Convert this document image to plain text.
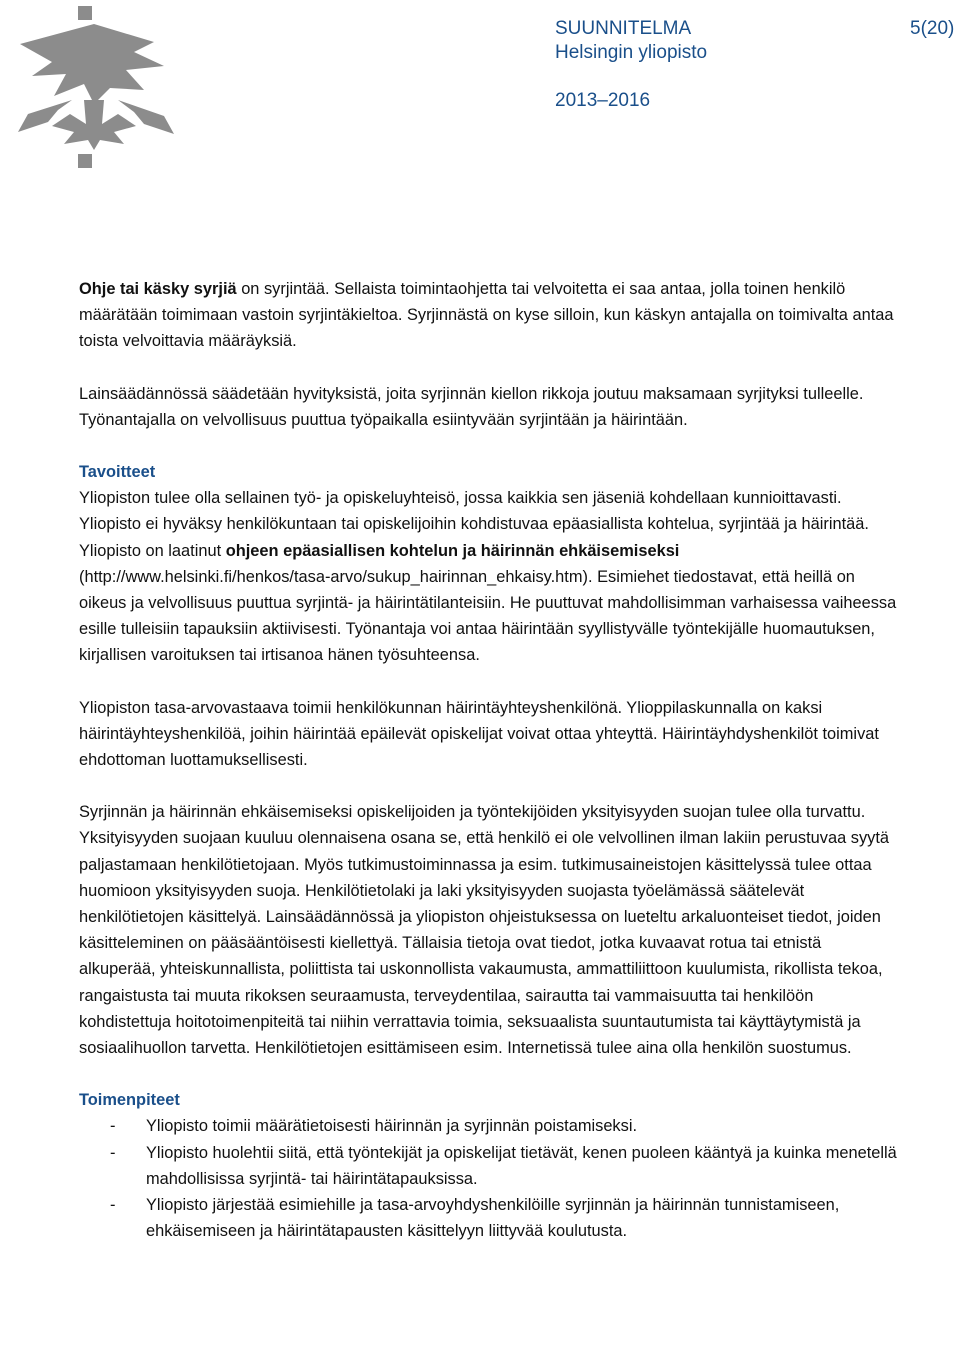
SUUNNITELMA	5(20)
Helsingin yliopisto
2013–2016

Ohje tai käsky syrjiä on syrjintää. Sellaista toimintaohjetta tai velvoitetta ei saa antaa, jolla toinen henkilö määrätään toimimaan vastoin syrjintäkieltoa. Syrjinnästä on kyse silloin, kun käskyn antajalla on toimivalta antaa toista velvoittavia määräyksiä.

Lainsäädännössä säädetään hyvityksistä, joita syrjinnän kiellon rikkoja joutuu maksamaan syrjityksi tulleelle. Työnantajalla on velvollisuus puuttua työpaikalla esiintyvään syrjintään ja häirintään.

Tavoitteet

Yliopiston tulee olla sellainen työ- ja opiskeluyhteisö, jossa kaikkia sen jäseniä kohdellaan kunnioittavasti. Yliopisto ei hyväksy henkilökuntaan tai opiskelijoihin kohdistuvaa epäasiallista kohtelua, syrjintää ja häirintää. Yliopisto on laatinut ohjeen epäasiallisen kohtelun ja häirinnän ehkäisemiseksi (http://www.helsinki.fi/henkos/tasa-arvo/sukup_hairinnan_ehkaisy.htm). Esimiehet tiedostavat, että heillä on oikeus ja velvollisuus puuttua syrjintä- ja häirintätilanteisiin. He puuttuvat mahdollisimman varhaisessa vaiheessa esille tulleisiin tapauksiin aktiivisesti. Työnantaja voi antaa häirintään syyllistyvälle työntekijälle huomautuksen, kirjallisen varoituksen tai irtisanoa hänen työsuhteensa.

Yliopiston tasa-arvovastaava toimii henkilökunnan häirintäyhteyshenkilönä. Ylioppilaskunnalla on kaksi häirintäyhteyshenkilöä, joihin häirintää epäilevät opiskelijat voivat ottaa yhteyttä. Häirintäyhdyshenkilöt toimivat ehdottoman luottamuksellisesti.

Syrjinnän ja häirinnän ehkäisemiseksi opiskelijoiden ja työntekijöiden yksityisyyden suojan tulee olla turvattu. Yksityisyyden suojaan kuuluu olennaisena osana se, että henkilö ei ole velvollinen ilman lakiin perustuvaa syytä paljastamaan henkilötietojaan. Myös tutkimustoiminnassa ja esim. tutkimusaineistojen käsittelyssä tulee ottaa huomioon yksityisyyden suoja. Henkilötietolaki ja laki yksityisyyden suojasta työelämässä säätelevät henkilötietojen käsittelyä. Lainsäädännössä ja yliopiston ohjeistuksessa on lueteltu arkaluonteiset tiedot, joiden käsitteleminen on pääsääntöisesti kiellettyä. Tällaisia tietoja ovat tiedot, jotka kuvaavat rotua tai etnistä alkuperää, yhteiskunnallista, poliittista tai uskonnollista vakaumusta, ammattiliittoon kuulumista, rikollista tekoa, rangaistusta tai muuta rikoksen seuraamusta, terveydentilaa, sairautta tai vammaisuutta tai henkilöön kohdistettuja hoitotoimenpiteitä tai niihin verrattavia toimia, seksuaalista suuntautumista tai käyttäytymistä ja sosiaalihuollon tarvetta. Henkilötietojen esittämiseen esim. Internetissä tulee aina olla henkilön suostumus.

Toimenpiteet

- Yliopisto toimii määrätietoisesti häirinnän ja syrjinnän poistamiseksi.
- Yliopisto huolehtii siitä, että työntekijät ja opiskelijat tietävät, kenen puoleen kääntyä ja kuinka menetellä mahdollisissa syrjintä- tai häirintätapauksissa.
- Yliopisto järjestää esimiehille ja tasa-arvoyhdyshenkilöille syrjinnän ja häirinnän tunnistamiseen, ehkäisemiseen ja häirintätapausten käsittelyyn liittyvää koulutusta.
